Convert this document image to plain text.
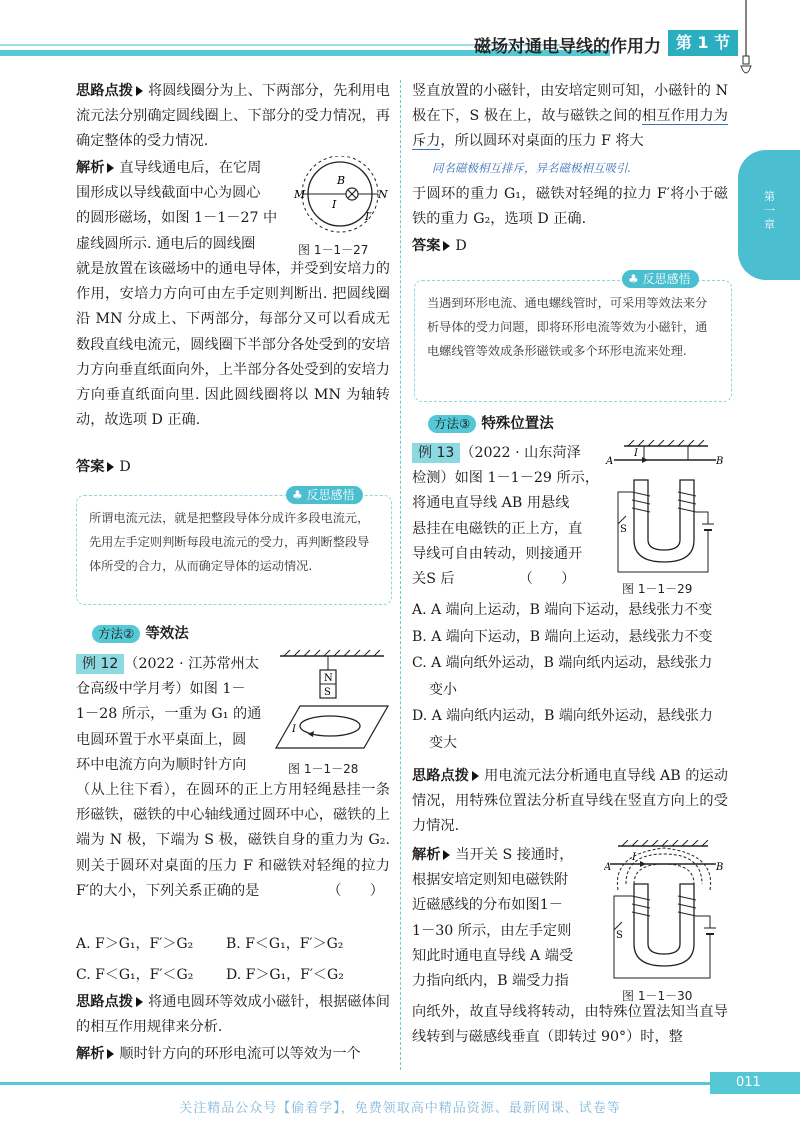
磁场对通电导线的作用力 第 1 节
第一章

思路点拨 将圆线圈分为上、下两部分，先利用电流元法分别确定圆线圈上、下部分的受力情况，再确定整体的受力情况.

解析 直导线通电后，在它周

围形成以导线截面中心为圆心

的圆形磁场，如图 1－1－27 中

虚线圆所示. 通电后的圆线圈

M	N
B
I
I′
图 1－1－27
就是放置在该磁场中的通电导体，并受到安培力的作用，安培力方向可由左手定则判断出. 把圆线圈沿 MN 分成上、下两部分，每部分又可以看成无数段直线电流元，圆线圈下半部分各处受到的安培力方向垂直纸面向外，上半部分各处受到的安培力方向垂直纸面向里. 因此圆线圈将以 MN 为轴转动，故选项 D 正确.

答案 D

所谓电流元法，就是把整段导体分成许多段电流元，先用左手定则判断每段电流元的受力，再判断整段导体所受的合力，从而确定导体的运动情况.
♣ 反思感悟
方法② 等效法

例 12 （2022 · 江苏常州太

仓高级中学月考）如图 1－

1－28 所示，一重为 G₁ 的通

电圆环置于水平桌面上，圆

环中电流方向为顺时针方向

N
S
I
图 1－1－28
（从上往下看），在圆环的正上方用轻绳悬挂一条形磁铁，磁铁的中心轴线通过圆环中心，磁铁的上端为 N 极，下端为 S 极，磁铁自身的重力为 G₂. 则关于圆环对桌面的压力 F 和磁铁对轻绳的拉力 F′的大小，下列关系正确的是	（　　）
A. F＞G₁，F′＞G₂ B. F＜G₁，F′＞G₂
C. F＜G₁，F′＜G₂ D. F＞G₁，F′＜G₂

思路点拨 将通电圆环等效成小磁针，根据磁体间的相互作用规律来分析.

解析 顺时针方向的环形电流可以等效为一个

竖直放置的小磁针，由安培定则可知，小磁针的 N 极在下，S 极在上，故与磁铁之间的相互作用力为斥力，所以圆环对桌面的压力 F 将大
同名磁极相互排斥，异名磁极相互吸引.
于圆环的重力 G₁，磁铁对轻绳的拉力 F′将小于磁铁的重力 G₂，选项 D 正确.

答案 D

当遇到环形电流、通电螺线管时，可采用等效法来分析导体的受力问题，即将环形电流等效为小磁针，通电螺线管等效成条形磁铁或多个环形电流来处理.
♣ 反思感悟
方法③ 特殊位置法

例 13 （2022 · 山东菏泽

检测）如图 1－1－29 所示，

将通电直导线 AB 用悬线

悬挂在电磁铁的正上方，直

导线可自由转动，则接通开

关S 后	（　　）

A	B
I
S
图 1－1－29
A. A 端向上运动，B 端向下运动，悬线张力不变
B. A 端向下运动，B 端向上运动，悬线张力不变
C. A 端向纸外运动，B 端向纸内运动，悬线张力
变小
D. A 端向纸内运动，B 端向纸外运动，悬线张力
变大

思路点拨 用电流元法分析通电直导线 AB 的运动情况，用特殊位置法分析直导线在竖直方向上的受力情况.

解析 当开关 S 接通时，

根据安培定则知电磁铁附

近磁感线的分布如图1－

1－30 所示，由左手定则

知此时通电直导线 A 端受

力指向纸内，B 端受力指

A	B
I
S
图 1－1－30
向纸外，故直导线将转动，由特殊位置法知当直导线转到与磁感线垂直（即转过 90°）时，整
011
关注精品公众号【偷着学】，免费领取高中精品资源、最新网课、试卷等
